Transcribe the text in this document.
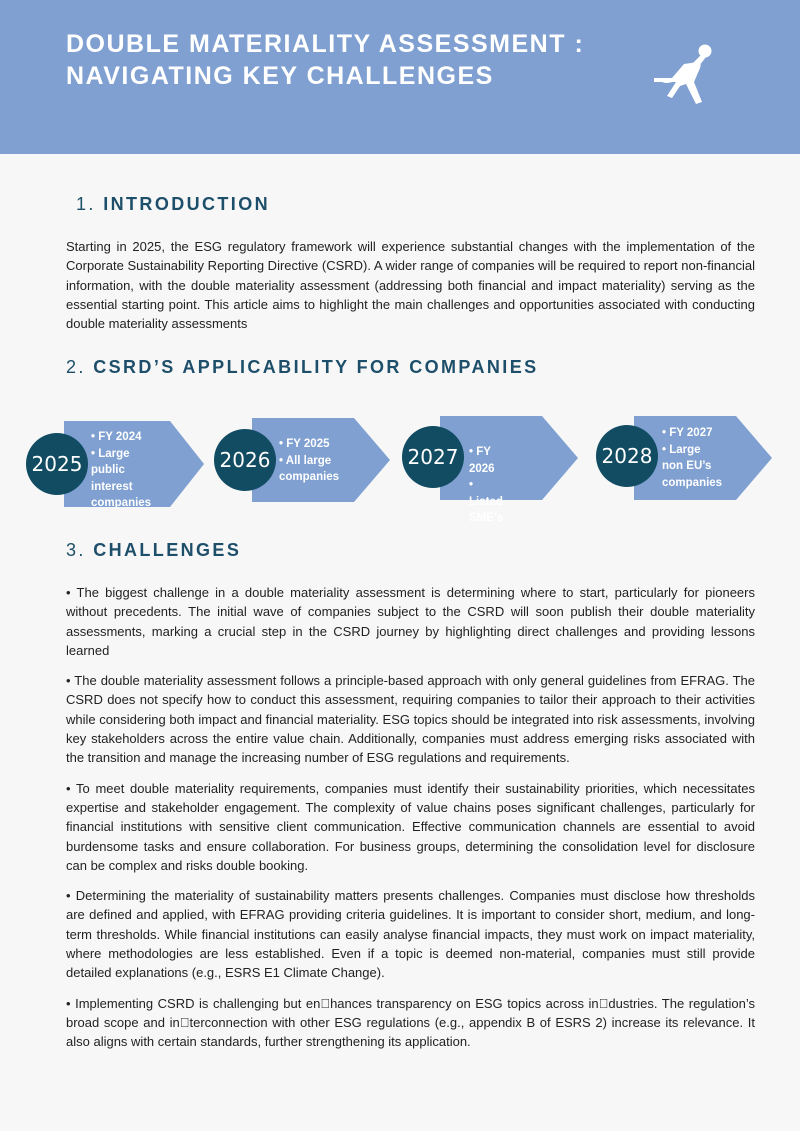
DOUBLE MATERIALITY ASSESSMENT : NAVIGATING KEY CHALLENGES
1. INTRODUCTION

Starting in 2025, the ESG regulatory framework will experience substantial changes with the implementation of the Corporate Sustainability Reporting Directive (CSRD). A wider range of companies will be required to report non-financial information, with the double materiality assessment (addressing both financial and impact materiality) serving as the essential starting point. This article aims to highlight the main challenges and opportunities associated with conducting double materiality assessments

2. CSRD’S APPLICABILITY FOR COMPANIES
2025
• FY 2024
• Large
public interest
companies
2026
• FY 2025
• All large
companies
2027 • FY 2026
• Listed SME’s
2028
• FY 2027
• Large
non EU’s
companies
3. CHALLENGES

• The biggest challenge in a double materiality assessment is determining where to start, particularly for pioneers without precedents. The initial wave of companies subject to the CSRD will soon publish their double materiality assessments, marking a crucial step in the CSRD journey by highlighting direct challenges and providing lessons learned

• The double materiality assessment follows a principle-based approach with only general guidelines from EFRAG. The CSRD does not specify how to conduct this assessment, requiring companies to tailor their approach to their activities while considering both impact and financial materiality. ESG topics should be integrated into risk assessments, involving key stakeholders across the entire value chain. Additionally, companies must address emerging risks associated with the transition and manage the increasing number of ESG regulations and requirements.

• To meet double materiality requirements, companies must identify their sustainability priorities, which necessitates expertise and stakeholder engagement. The complexity of value chains poses significant challenges, particularly for financial institutions with sensitive client communication. Effective communication channels are essential to avoid burdensome tasks and ensure collaboration. For business groups, determining the consolidation level for disclosure can be complex and risks double booking.

• Determining the materiality of sustainability matters presents challenges. Companies must disclose how thresholds are defined and applied, with EFRAG providing criteria guidelines. It is important to consider short, medium, and long-term thresholds. While financial institutions can easily analyse financial impacts, they must work on impact materiality, where methodologies are less established. Even if a topic is deemed non-material, companies must still provide detailed explanations (e.g., ESRS E1 Climate Change).

• Implementing CSRD is challenging but en hances transparency on ESG topics across in dustries. The regulation’s broad scope and in terconnection with other ESG regulations (e.g., appendix B of ESRS 2) increase its relevance. It also aligns with certain standards, further strengthening its application.
